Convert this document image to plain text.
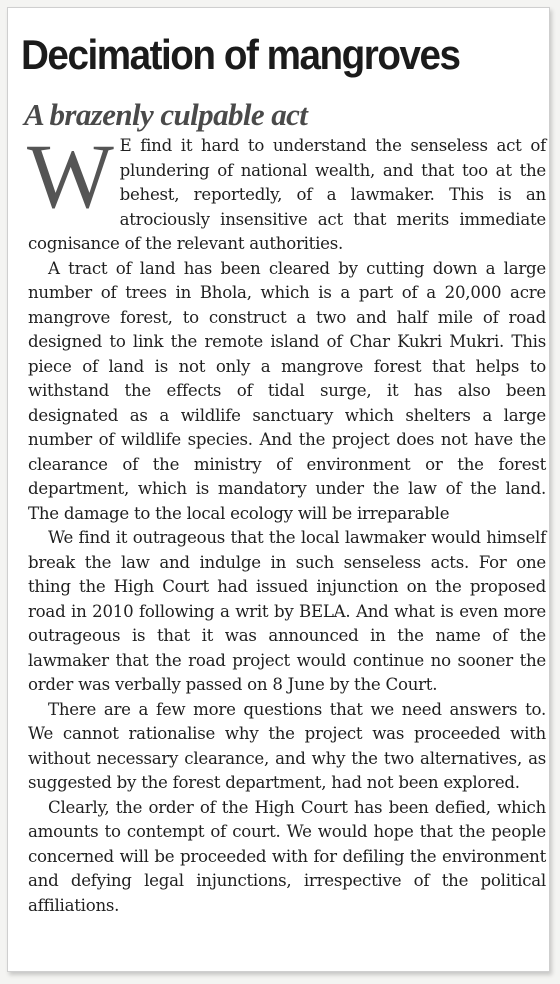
Decimation of mangroves
A brazenly culpable act

W E find it hard to understand the senseless act of plundering of national wealth, and that too at the behest, reportedly, of a lawmaker. This is an atrociously insensitive act that merits immediate cognisance of the relevant authorities.

A tract of land has been cleared by cutting down a large number of trees in Bhola, which is a part of a 20,000 acre mangrove forest, to construct a two and half mile of road designed to link the remote island of Char Kukri Mukri. This piece of land is not only a mangrove forest that helps to withstand the effects of tidal surge, it has also been designated as a wildlife sanctuary which shelters a large number of wildlife species. And the project does not have the clearance of the ministry of environment or the forest department, which is mandatory under the law of the land. The damage to the local ecology will be irreparable

We find it outrageous that the local lawmaker would himself break the law and indulge in such senseless acts. For one thing the High Court had issued injunction on the proposed road in 2010 following a writ by BELA. And what is even more outrageous is that it was announced in the name of the lawmaker that the road project would continue no sooner the order was verbally passed on 8 June by the Court.

There are a few more questions that we need answers to. We cannot rationalise why the project was proceeded with without necessary clearance, and why the two alternatives, as suggested by the forest department, had not been explored.

Clearly, the order of the High Court has been defied, which amounts to contempt of court. We would hope that the people concerned will be proceeded with for defiling the environment and defying legal injunctions, irrespective of the political affiliations.
